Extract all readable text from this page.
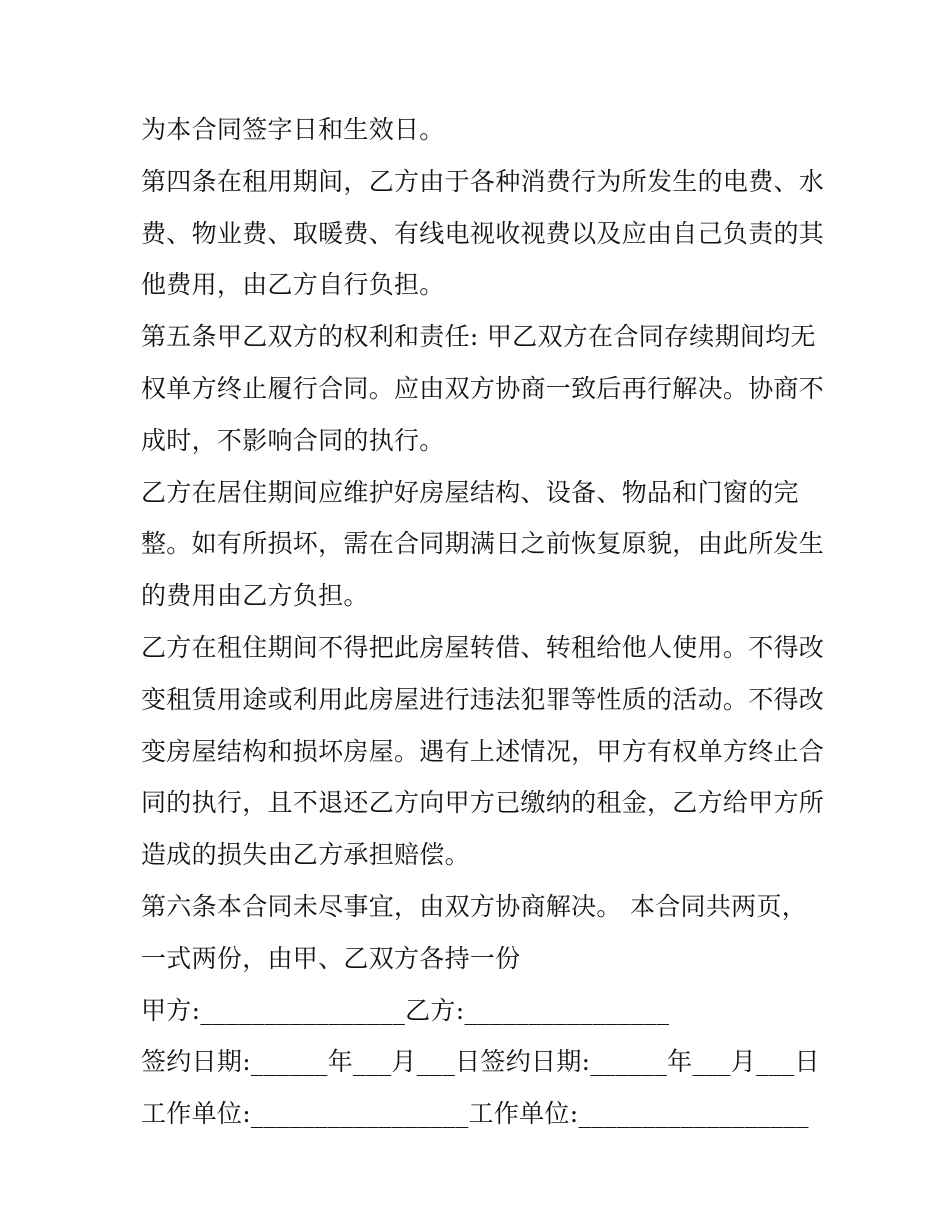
为本合同签字日和生效日。
第四条在租用期间，乙方由于各种消费行为所发生的电费、水
费、物业费、取暖费、有线电视收视费以及应由自己负责的其
他费用，由乙方自行负担。
第五条甲乙双方的权利和责任: 甲乙双方在合同存续期间均无
权单方终止履行合同。应由双方协商一致后再行解决。协商不
成时，不影响合同的执行。
乙方在居住期间应维护好房屋结构、设备、物品和门窗的完
整。如有所损坏，需在合同期满日之前恢复原貌，由此所发生
的费用由乙方负担。
乙方在租住期间不得把此房屋转借、转租给他人使用。不得改
变租赁用途或利用此房屋进行违法犯罪等性质的活动。不得改
变房屋结构和损坏房屋。遇有上述情况，甲方有权单方终止合
同的执行，且不退还乙方向甲方已缴纳的租金，乙方给甲方所
造成的损失由乙方承担赔偿。
第六条本合同未尽事宜，由双方协商解决。 本合同共两页，
一式两份，由甲、乙双方各持一份
甲方:________________乙方:________________
签约日期:______年___月___日签约日期:______年___月___日
工作单位:_________________工作单位:__________________
